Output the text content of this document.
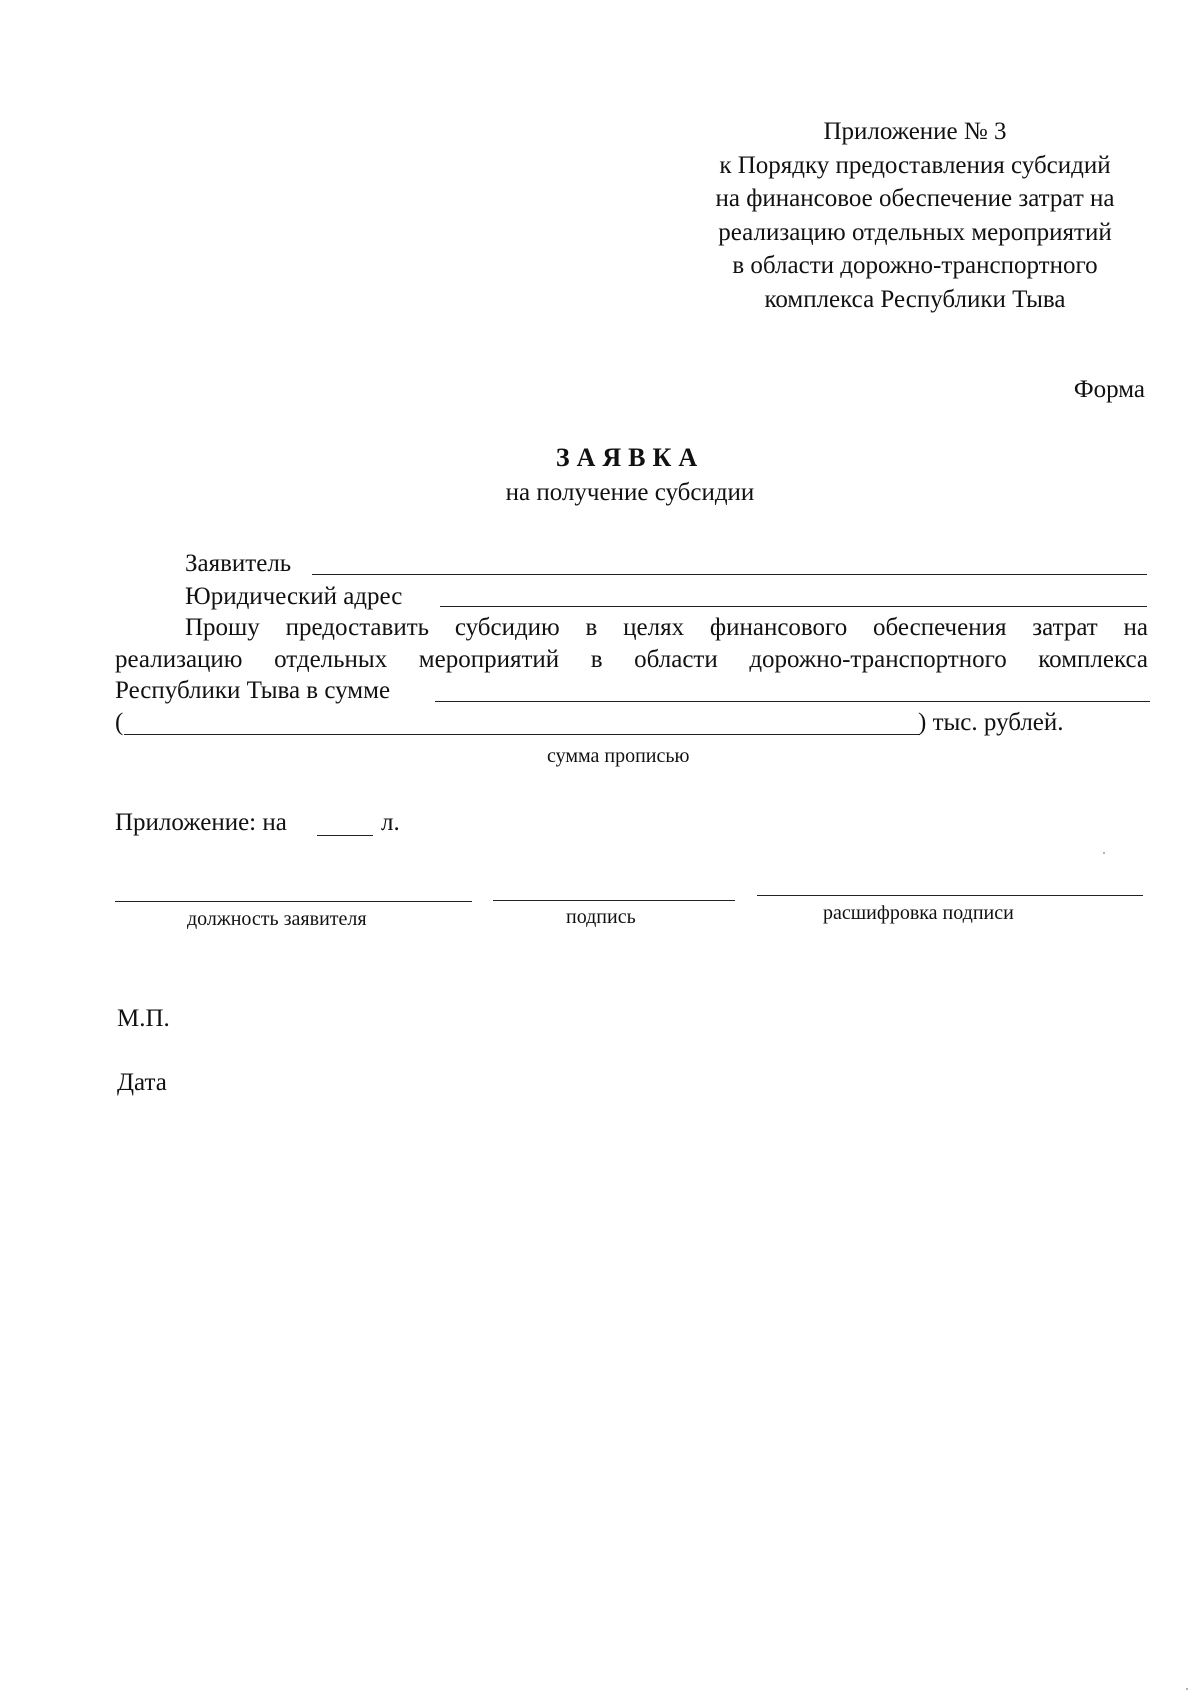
Приложение № 3
к Порядку предоставления субсидий
на финансовое обеспечение затрат на
реализацию отдельных мероприятий
в области дорожно-транспортного
комплекса Республики Тыва
Форма
ЗАЯВКА
на получение субсидии
Заявитель
Юридический адрес
Прошу предоставить субсидию в целях финансового обеспечения затрат на
реализацию отдельных мероприятий в области дорожно-транспортного комплекса
Республики Тыва в сумме
(	) тыс. рублей.
сумма прописью
Приложение: на	л.
должность заявителя	подпись	расшифровка подписи
М.П.
Дата
